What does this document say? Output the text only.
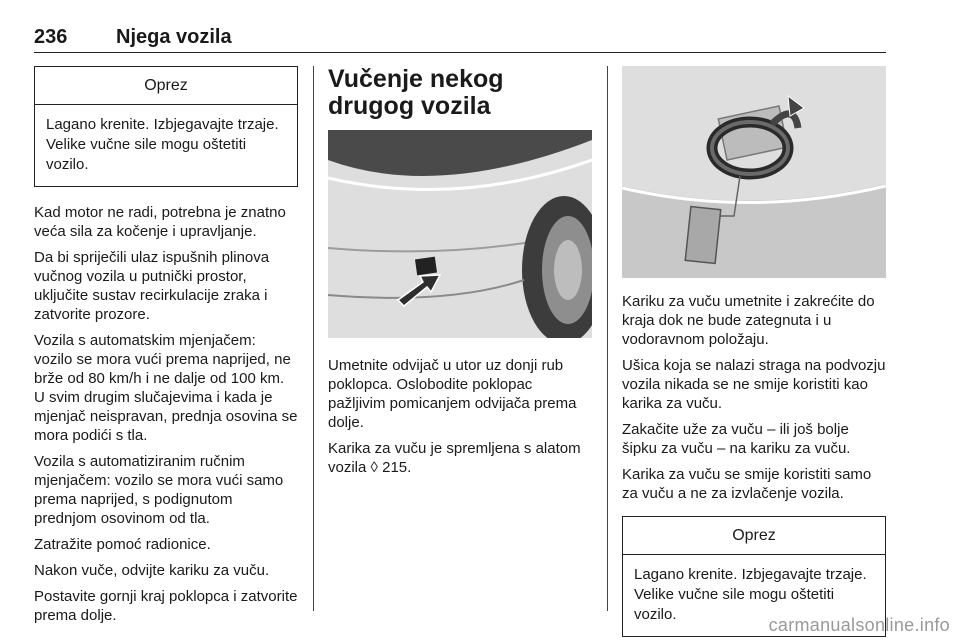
236 Njega vozila
Oprez
Lagano krenite. Izbjegavajte trzaje. Velike vučne sile mogu oštetiti vozilo.

Kad motor ne radi, potrebna je znatno veća sila za kočenje i upravljanje.

Da bi spriječili ulaz ispušnih plinova vučnog vozila u putnički prostor, uključite sustav recirkulacije zraka i zatvorite prozore.

Vozila s automatskim mjenjačem: vozilo se mora vući prema naprijed, ne brže od 80 km/h i ne dalje od 100 km. U svim drugim slučajevima i kada je mjenjač neispravan, prednja osovina se mora podići s tla.

Vozila s automatiziranim ručnim mjenjačem: vozilo se mora vući samo prema naprijed, s podignutom prednjom osovinom od tla.

Zatražite pomoć radionice.

Nakon vuče, odvijte kariku za vuču.

Postavite gornji kraj poklopca i zatvorite prema dolje.

Vučenje nekog drugog vozila

Umetnite odvijač u utor uz donji rub poklopca. Oslobodite poklopac pažljivim pomicanjem odvijača prema dolje.

Karika za vuču je spremljena s alatom vozila ◊ 215.

Kariku za vuču umetnite i zakrećite do kraja dok ne bude zategnuta i u vodoravnom položaju.

Ušica koja se nalazi straga na podvozju vozila nikada se ne smije koristiti kao karika za vuču.

Zakačite uže za vuču – ili još bolje šipku za vuču – na kariku za vuču.

Karika za vuču se smije koristiti samo za vuču a ne za izvlačenje vozila.

Oprez
Lagano krenite. Izbjegavajte trzaje. Velike vučne sile mogu oštetiti vozilo.
carmanualsonline.info
